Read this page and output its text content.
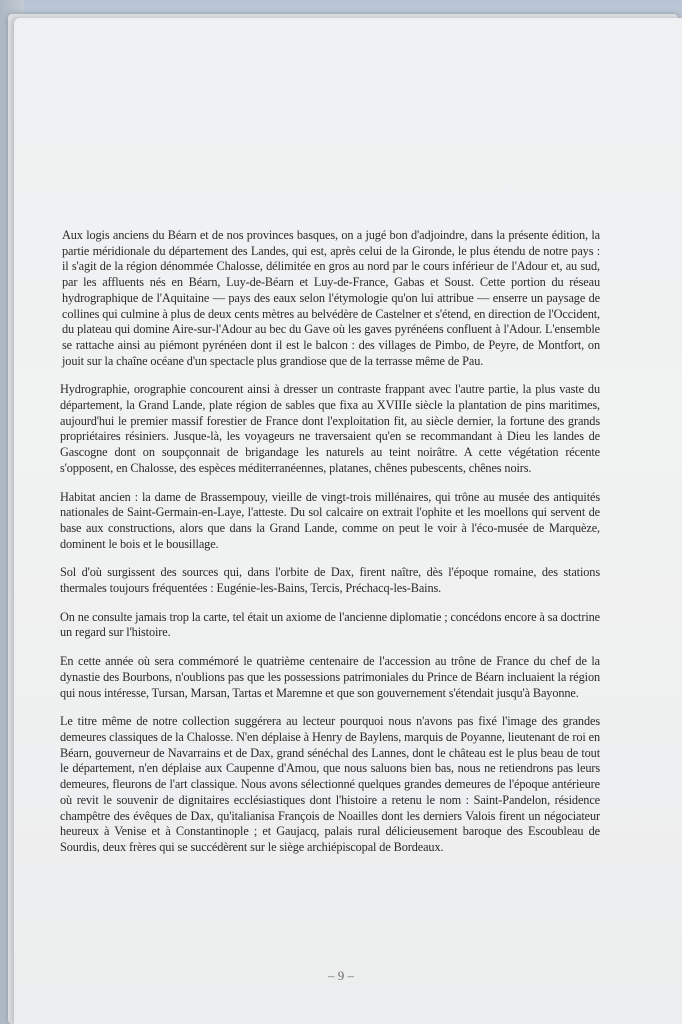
Aux logis anciens du Béarn et de nos provinces basques, on a jugé bon d'adjoindre, dans la présente édition, la partie méridionale du département des Landes, qui est, après celui de la Gironde, le plus étendu de notre pays : il s'agit de la région dénommée Chalosse, délimitée en gros au nord par le cours inférieur de l'Adour et, au sud, par les affluents nés en Béarn, Luy-de-Béarn et Luy-de-France, Gabas et Soust. Cette portion du réseau hydrographique de l'Aquitaine — pays des eaux selon l'étymologie qu'on lui attribue — enserre un paysage de collines qui culmine à plus de deux cents mètres au belvédère de Castelner et s'étend, en direction de l'Occident, du plateau qui domine Aire-sur-l'Adour au bec du Gave où les gaves pyrénéens confluent à l'Adour. L'ensemble se rattache ainsi au piémont pyrénéen dont il est le balcon : des villages de Pimbo, de Peyre, de Montfort, on jouit sur la chaîne océane d'un spectacle plus grandiose que de la terrasse même de Pau.

Hydrographie, orographie concourent ainsi à dresser un contraste frappant avec l'autre partie, la plus vaste du département, la Grand Lande, plate région de sables que fixa au XVIIIe siècle la plantation de pins maritimes, aujourd'hui le premier massif forestier de France dont l'exploitation fit, au siècle dernier, la fortune des grands propriétaires résiniers. Jusque-là, les voyageurs ne traversaient qu'en se recommandant à Dieu les landes de Gascogne dont on soupçonnait de brigandage les naturels au teint noirâtre. A cette végétation récente s'opposent, en Chalosse, des espèces méditerranéennes, platanes, chênes pubescents, chênes noirs.

Habitat ancien : la dame de Brassempouy, vieille de vingt-trois millénaires, qui trône au musée des antiquités nationales de Saint-Germain-en-Laye, l'atteste. Du sol calcaire on extrait l'ophite et les moellons qui servent de base aux constructions, alors que dans la Grand Lande, comme on peut le voir à l'éco-musée de Marquèze, dominent le bois et le bousillage.

Sol d'où surgissent des sources qui, dans l'orbite de Dax, firent naître, dès l'époque romaine, des stations thermales toujours fréquentées : Eugénie-les-Bains, Tercis, Préchacq-les-Bains.

On ne consulte jamais trop la carte, tel était un axiome de l'ancienne diplomatie ; concédons encore à sa doctrine un regard sur l'histoire.

En cette année où sera commémoré le quatrième centenaire de l'accession au trône de France du chef de la dynastie des Bourbons, n'oublions pas que les possessions patrimoniales du Prince de Béarn incluaient la région qui nous intéresse, Tursan, Marsan, Tartas et Maremne et que son gouvernement s'étendait jusqu'à Bayonne.

Le titre même de notre collection suggérera au lecteur pourquoi nous n'avons pas fixé l'image des grandes demeures classiques de la Chalosse. N'en déplaise à Henry de Baylens, marquis de Poyanne, lieutenant de roi en Béarn, gouverneur de Navarrains et de Dax, grand sénéchal des Lannes, dont le château est le plus beau de tout le département, n'en déplaise aux Caupenne d'Amou, que nous saluons bien bas, nous ne retiendrons pas leurs demeures, fleurons de l'art classique. Nous avons sélectionné quelques grandes demeures de l'époque antérieure où revit le souvenir de dignitaires ecclésiastiques dont l'histoire a retenu le nom : Saint-Pandelon, résidence champêtre des évêques de Dax, qu'italianisa François de Noailles dont les derniers Valois firent un négociateur heureux à Venise et à Constantinople ; et Gaujacq, palais rural délicieusement baroque des Escoubleau de Sourdis, deux frères qui se succédèrent sur le siège archiépiscopal de Bordeaux.

– 9 –
